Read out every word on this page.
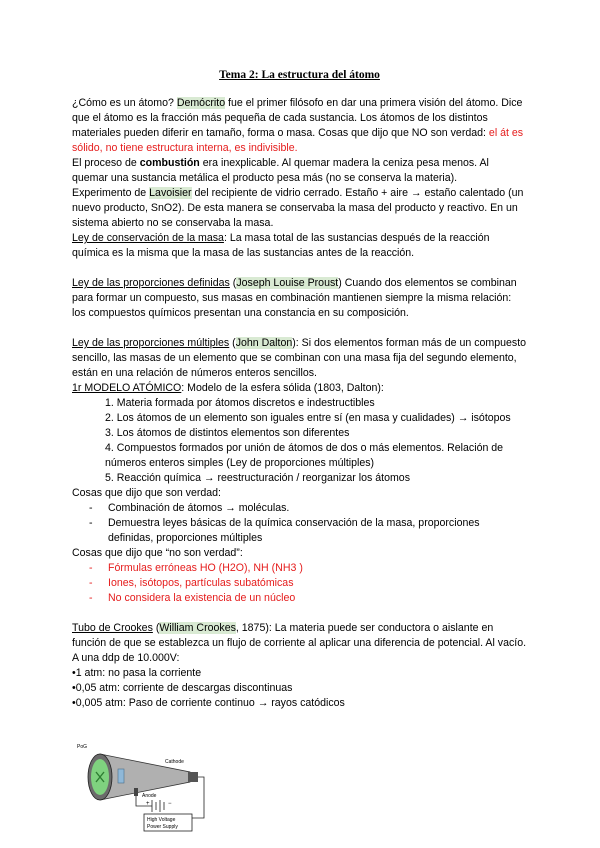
Tema 2: La estructura del átomo

¿Cómo es un átomo? Demócrito fue el primer filósofo en dar una primera visión del átomo. Dice que el átomo es la fracción más pequeña de cada sustancia. Los átomos de los distintos materiales pueden diferir en tamaño, forma o masa. Cosas que dijo que NO son verdad: el át es sólido, no tiene estructura interna, es indivisible.

El proceso de combustión era inexplicable. Al quemar madera la ceniza pesa menos. Al quemar una sustancia metálica el producto pesa más (no se conserva la materia).

Experimento de Lavoisier del recipiente de vidrio cerrado. Estaño + aire → estaño calentado (un nuevo producto, SnO2). De esta manera se conservaba la masa del producto y reactivo. En un sistema abierto no se conservaba la masa.

Ley de conservación de la masa: La masa total de las sustancias después de la reacción química es la misma que la masa de las sustancias antes de la reacción.

Ley de las proporciones definidas (Joseph Louise Proust) Cuando dos elementos se combinan para formar un compuesto, sus masas en combinación mantienen siempre la misma relación: los compuestos químicos presentan una constancia en su composición.

Ley de las proporciones múltiples (John Dalton): Si dos elementos forman más de un compuesto sencillo, las masas de un elemento que se combinan con una masa fija del segundo elemento, están en una relación de números enteros sencillos.

1r MODELO ATÓMICO: Modelo de la esfera sólida (1803, Dalton):

1. Materia formada por átomos discretos e indestructibles
2. Los átomos de un elemento son iguales entre sí (en masa y cualidades) → isótopos
3. Los átomos de distintos elementos son diferentes
4. Compuestos formados por unión de átomos de dos o más elementos. Relación de números enteros simples (Ley de proporciones múltiples)
5. Reacción química → reestructuración / reorganizar los átomos

Cosas que dijo que son verdad:

- Combinación de átomos → moléculas.
- Demuestra leyes básicas de la química conservación de la masa, proporciones definidas, proporciones múltiples

Cosas que dijo que “no son verdad”:

- Fórmulas erróneas HO (H2O), NH (NH3 )
- Iones, isótopos, partículas subatómicas
- No considera la existencia de un núcleo

Tubo de Crookes (William Crookes, 1875): La materia puede ser conductora o aislante en función de que se establezca un flujo de corriente al aplicar una diferencia de potencial. Al vacío.

A una ddp de 10.000V:

• 1 atm: no pasa la corriente
• 0,05 atm: corriente de descargas discontinuas
• 0,005 atm: Paso de corriente continuo → rayos catódicos
PoG
Cathode
Anode
+	−
High Voltage
Power Supply
